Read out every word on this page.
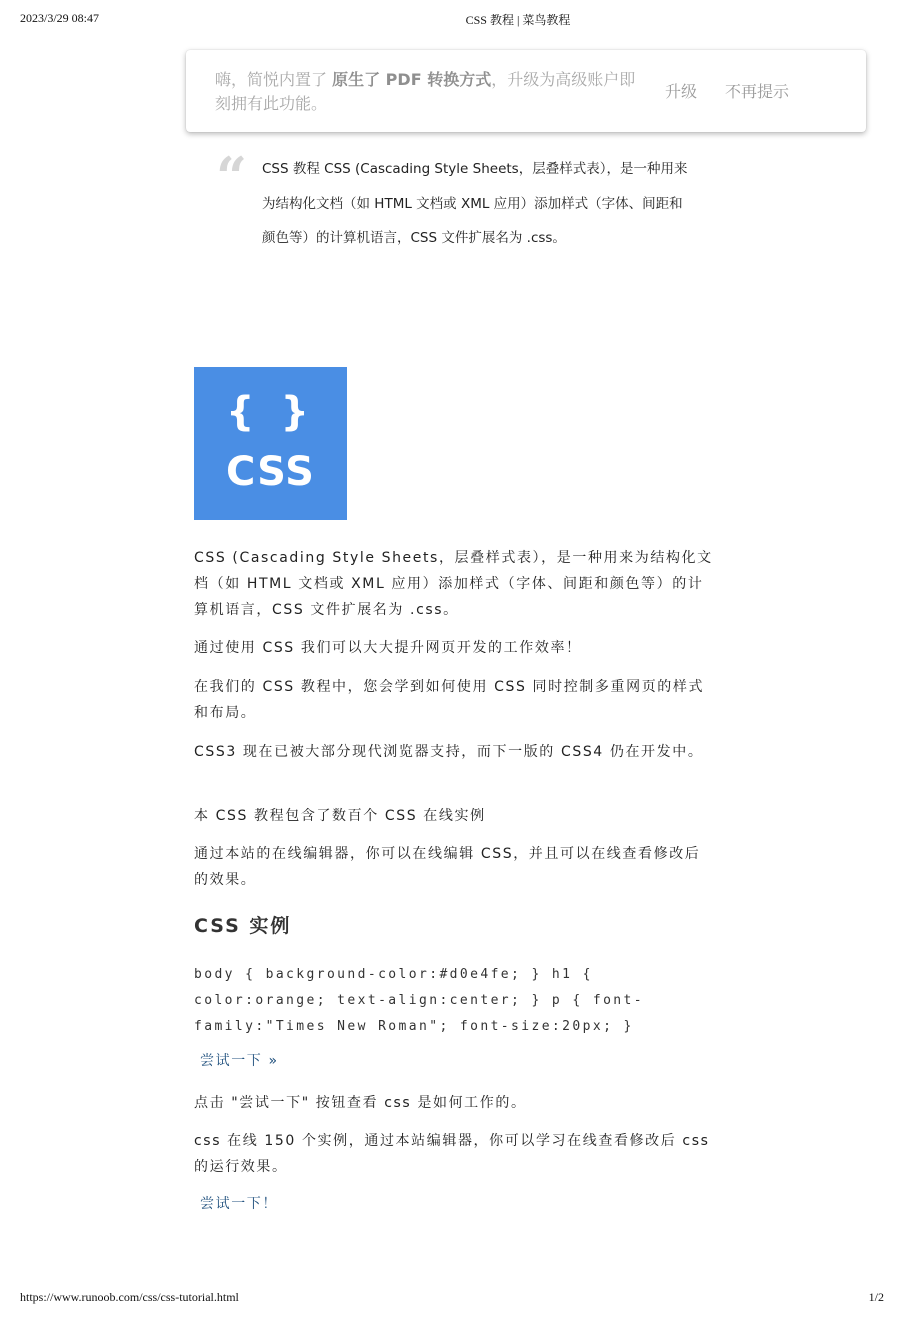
2023/3/29 08:47	CSS 教程 | 菜鸟教程
嗨，简悦内置了 原生了 PDF 转换方式，升级为高级账户即刻拥有此功能。
升级 不再提示
“ CSS 教程 CSS (Cascading Style Sheets，层叠样式表），是一种用来为结构化文档（如 HTML 文档或 XML 应用）添加样式（字体、间距和颜色等）的计算机语言，CSS 文件扩展名为 .css。
{ }
CSS
CSS (Cascading Style Sheets，层叠样式表），是一种用来为结构化文档（如 HTML 文档或 XML 应用）添加样式（字体、间距和颜色等）的计算机语言，CSS 文件扩展名为 .css。
通过使用 CSS 我们可以大大提升网页开发的工作效率！
在我们的 CSS 教程中，您会学到如何使用 CSS 同时控制多重网页的样式和布局。
CSS3 现在已被大部分现代浏览器支持，而下一版的 CSS4 仍在开发中。
本 CSS 教程包含了数百个 CSS 在线实例
通过本站的在线编辑器，你可以在线编辑 CSS，并且可以在线查看修改后的效果。
CSS 实例
body { background-color:#d0e4fe; } h1 { color:orange; text-align:center; } p { font-family:"Times New Roman"; font-size:20px; }
尝试一下 »
点击 "尝试一下" 按钮查看 css 是如何工作的。
css 在线 150 个实例，通过本站编辑器，你可以学习在线查看修改后 css 的运行效果。
尝试一下！
https://www.runoob.com/css/css-tutorial.html	1/2
